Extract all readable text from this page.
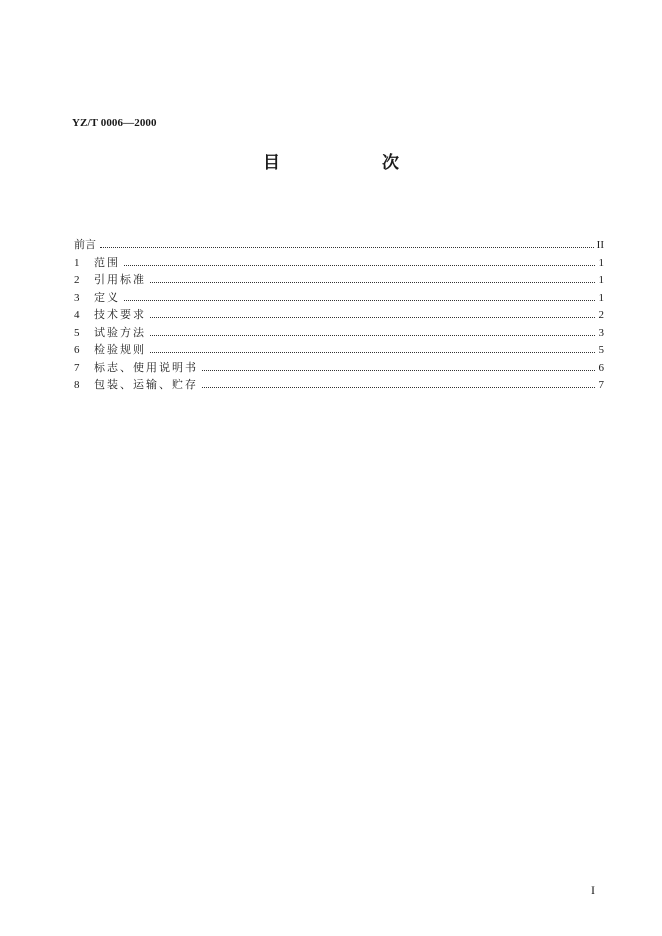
YZ/T 0006—2000
目 次
前言	II
1	范围	1
2	引用标准	1
3	定义	1
4	技术要求	2
5	试验方法	3
6	检验规则	5
7	标志、使用说明书	6
8	包装、运输、贮存	7
I
